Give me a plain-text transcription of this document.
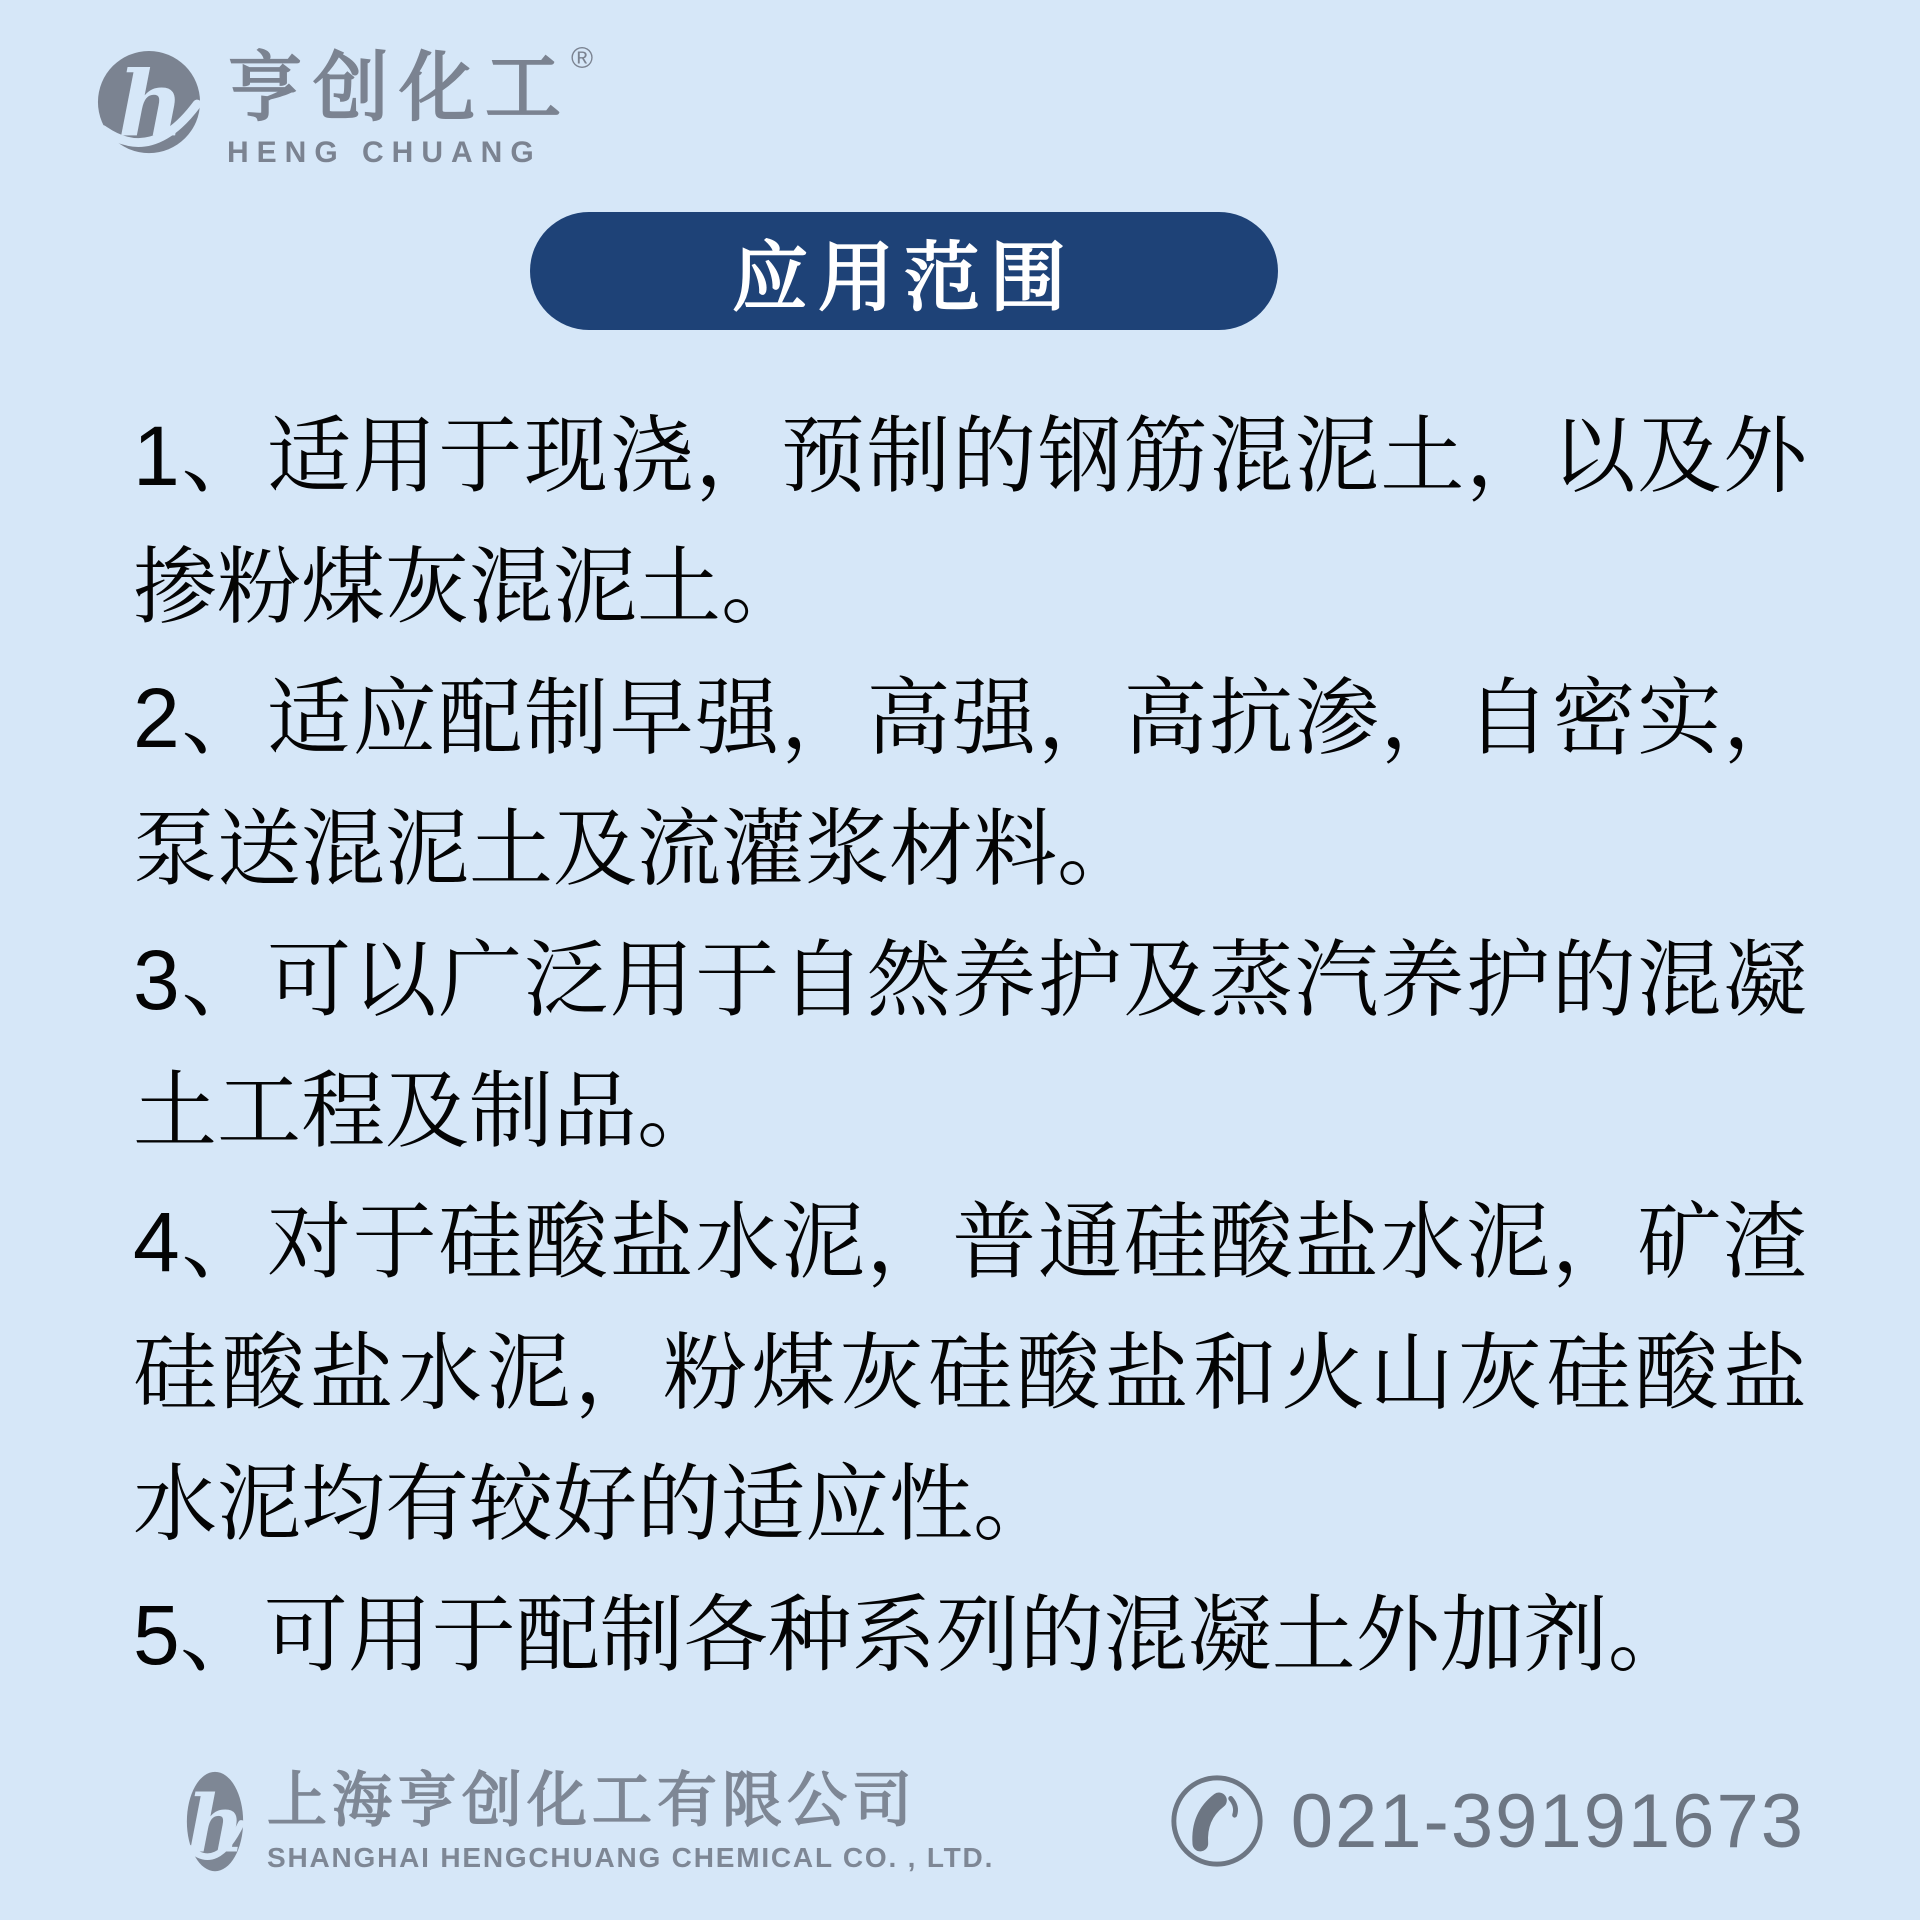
h 亨创化工 ®
HENG CHUANG
应用范围

1、适用于现浇，预制的钢筋混泥土，以及外掺粉煤灰混泥土。

2、适应配制早强，高强，高抗渗，自密实，泵送混泥土及流灌浆材料。

3、可以广泛用于自然养护及蒸汽养护的混凝土工程及制品。

4、对于硅酸盐水泥，普通硅酸盐水泥，矿渣硅酸盐水泥，粉煤灰硅酸盐和火山灰硅酸盐水泥均有较好的适应性。

5、可用于配制各种系列的混凝土外加剂。

h 上海亨创化工有限公司
SHANGHAI HENGCHUANG CHEMICAL CO. , LTD.	021-39191673
